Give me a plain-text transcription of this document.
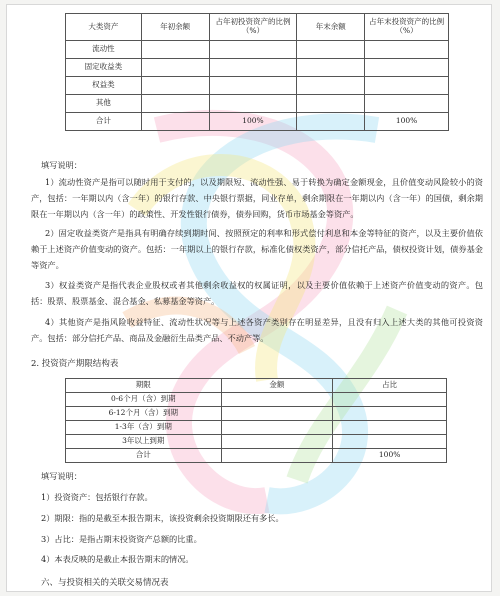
大类资产	年初余额	占年初投资资产的比例（%）	年末余额	占年末投资资产的比例（%）
流动性				
固定收益类				
权益类				
其他				
合计		100%		100%
填写说明：
1）流动性资产是指可以随时用于支付的，以及期限短、流动性强、易于转换为确定金额现金，且价值变动风险较小的资产，包括：一年期以内（含一年）的银行存款、中央银行票据，同业存单，剩余期限在一年期以内（含一年）的国债，剩余期限在一年期以内（含一年）的政策性、开发性银行债券，债券回购，货币市场基金等资产。
2）固定收益类资产是指具有明确存续到期时间、按照预定的利率和形式偿付利息和本金等特征的资产，以及主要价值依赖于上述资产价值变动的资产。包括：一年期以上的银行存款，标准化债权类资产，部分信托产品，债权投资计划，债券基金等资产。
3）权益类资产是指代表企业股权或者其他剩余收益权的权属证明，以及主要价值依赖于上述资产价值变动的资产。包括：股票、股票基金、混合基金、私募基金等资产。
4）其他资产是指风险收益特征、流动性状况等与上述各资产类别存在明显差异，且没有归入上述大类的其他可投资资产。包括：部分信托产品、商品及金融衍生品类产品、不动产等。
2. 投资资产期限结构表
期限	金额	占比
0-6个月（含）到期		
6-12个月（含）到期		
1-3年（含）到期		
3年以上到期		
合计		100%
填写说明：
1）投资资产：包括银行存款。
2）期限：指的是截至本报告期末，该投资剩余投资期限还有多长。
3）占比：是指占期末投资资产总额的比重。
4）本表反映的是截止本报告期末的情况。
六、与投资相关的关联交易情况表
